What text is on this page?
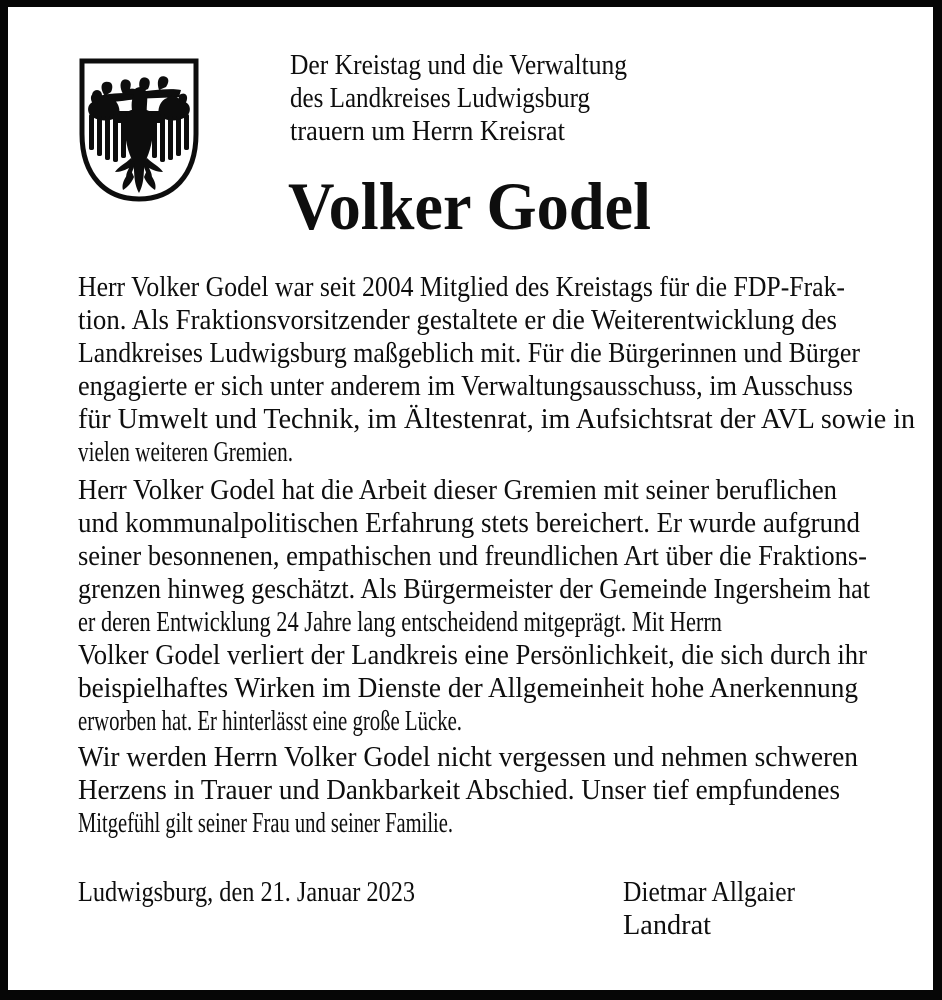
Der Kreistag und die Verwaltung
des Landkreises Ludwigsburg
trauern um Herrn Kreisrat
Volker Godel
Herr Volker Godel war seit 2004 Mitglied des Kreistags für die FDP-Frak-
tion. Als Fraktionsvorsitzender gestaltete er die Weiterentwicklung des
Landkreises Ludwigsburg maßgeblich mit. Für die Bürgerinnen und Bürger
engagierte er sich unter anderem im Verwaltungsausschuss, im Ausschuss
für Umwelt und Technik, im Ältestenrat, im Aufsichtsrat der AVL sowie in
vielen weiteren Gremien.
Herr Volker Godel hat die Arbeit dieser Gremien mit seiner beruflichen
und kommunalpolitischen Erfahrung stets bereichert. Er wurde aufgrund
seiner besonnenen, empathischen und freundlichen Art über die Fraktions-
grenzen hinweg geschätzt. Als Bürgermeister der Gemeinde Ingersheim hat
er deren Entwicklung 24 Jahre lang entscheidend mitgeprägt. Mit Herrn
Volker Godel verliert der Landkreis eine Persönlichkeit, die sich durch ihr
beispielhaftes Wirken im Dienste der Allgemeinheit hohe Anerkennung
erworben hat. Er hinterlässt eine große Lücke.
Wir werden Herrn Volker Godel nicht vergessen und nehmen schweren
Herzens in Trauer und Dankbarkeit Abschied. Unser tief empfundenes
Mitgefühl gilt seiner Frau und seiner Familie.
Ludwigsburg, den 21. Januar 2023	Dietmar Allgaier
Landrat
